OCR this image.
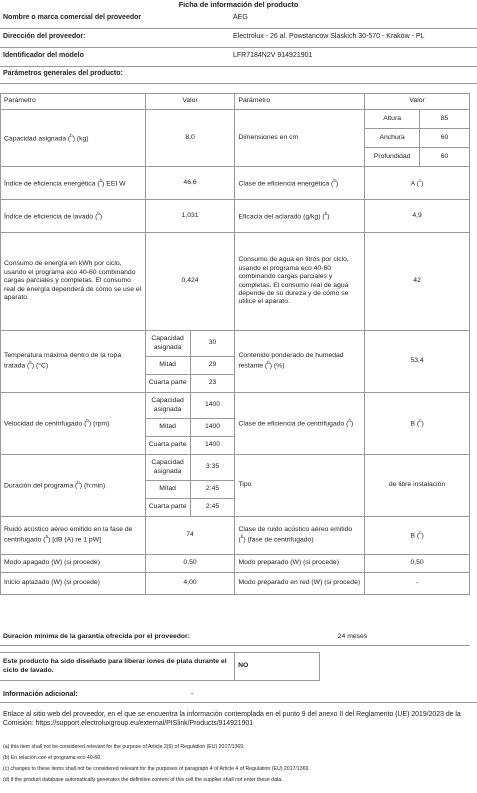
Ficha de información del producto
Nombre o marca comercial del proveedor	AEG
Dirección del proveedor:	Electrolux - 26 al. Powstancow Slaskich 30-570 - Krakow - PL
Identificador del modelo	LFR7184N2V 914921901
Parámetros generales del producto:	
Parámetro	Valor		Parámetro	Valor	
Capacidad asignada ($^b$) (kg)	8,0		Dimensiones en cm	Altura	85
				Anchura	60
				Profundidad	60
Índice de eficiencia energética ($^b$) EEI W	46,6		Clase de eficiencia energética ($^b$)	A ($^c$)	
Índice de eficiencia de lavado ($^b$)	1,031		Eficacia del aclarado (g/kg) ($^b$)	4,9	
Consumo de energía en kWh por ciclo, usando el programa eco 40-60 combinando cargas parciales y completas. El consumo real de energía dependerá de cómo se use el aparato.	0,424		Consumo de agua en litros por ciclo, usando el programa eco 40-60 combinando cargas parciales y completas. El consumo real de agua depende de su dureza y de cómo se utilice el aparato.	42	
Temperatura máxima dentro de la ropa tratada ($^b$) (°C)	Capacidad asignada	30	Contenido ponderado de humedad restante ($^b$) (%)	53,4	
	Mitad	29			
	Cuarta parte	23			
Velocidad de centrifugado ($^b$) (rpm)	Capacidad asignada	1400	Clase de eficiencia de centrifugado ($^b$)	B ($^c$)	
	Mitad	1400			
	Cuarta parte	1400			
Duración del programa ($^b$) (h:min)	Capacidad asignada	3:35	Tipo	de libre instalación	
	Mitad	2:45			
	Cuarta parte	2:45			
Ruido acústico aéreo emitido en la fase de centrifugado ($^b$) [dB (A) re 1 pW]	74		Clase de ruido acústico aéreo emitido ($^b$) (fase de centrifugado)	B ($^c$)	
Modo apagado (W) (si procede)	0,50		Modo preparado (W) (si procede)	0,50	
Inicio aplazado (W) (si procede)	4,00		Modo preparado en red (W) (si procede)	-	
Duración mínima de la garantía ofrecida por el proveedor:	24 meses
Este producto ha sido diseñado para liberar iones de plata durante el ciclo de lavado.	NO
Información adicional:	-
Enlace al sitio web del proveedor, en el que se encuentra la información contemplada en el punto 9 del anexo II del Reglamento (UE) 2019/2023 de la Comisión: https://support.electroluxgroup.eu/external/PISlink/Products/914921901
(a) this item shall not be considered relevant for the purpose of Article 2(6) of Regulation (EU) 2017/1369.
(b) En relación con el programa eco 40-60.
(c) changes to these items shall not be considered relevant for the purposes of paragraph 4 of Article 4 of Regulation (EU) 2017/1369.
(d) if the product database automatically generates the definitive content of this cell the supplier shall not enter these data.
